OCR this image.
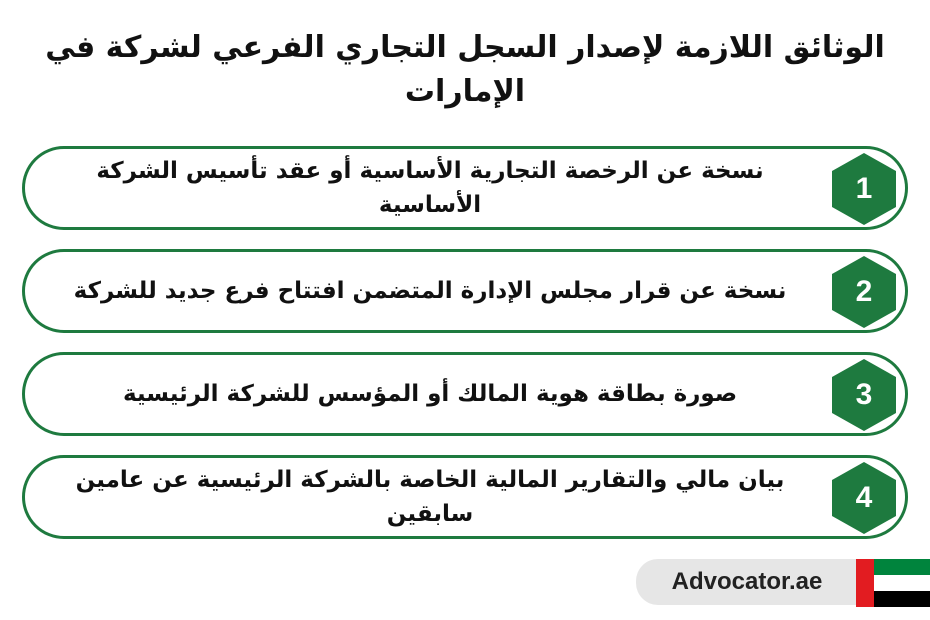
الوثائق اللازمة لإصدار السجل التجاري الفرعي لشركة في الإمارات
نسخة عن الرخصة التجارية الأساسية أو عقد تأسيس الشركة الأساسية	1
نسخة عن قرار مجلس الإدارة المتضمن افتتاح فرع جديد للشركة	2
صورة بطاقة هوية المالك أو المؤسس للشركة الرئيسية	3
بيان مالي والتقارير المالية الخاصة بالشركة الرئيسية عن عامين سابقين	4
Advocator.ae
